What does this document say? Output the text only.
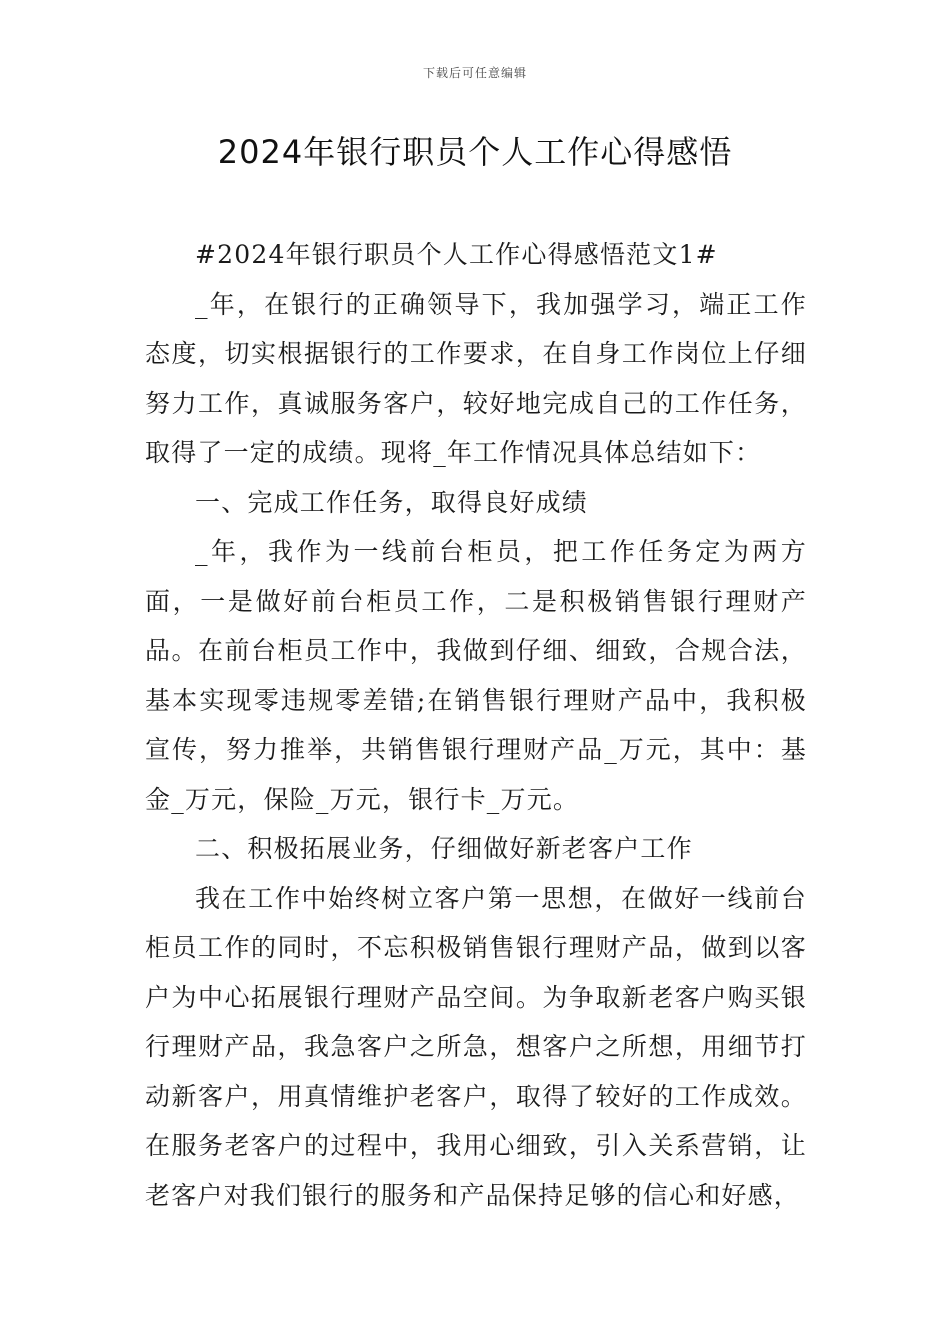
下载后可任意编辑
2024年银行职员个人工作心得感悟

#2024年银行职员个人工作心得感悟范文1#

_年，在银行的正确领导下，我加强学习，端正工作态度，切实根据银行的工作要求，在自身工作岗位上仔细努力工作，真诚服务客户，较好地完成自己的工作任务，取得了一定的成绩。现将_年工作情况具体总结如下：

一、完成工作任务，取得良好成绩

_年，我作为一线前台柜员，把工作任务定为两方面，一是做好前台柜员工作，二是积极销售银行理财产品。在前台柜员工作中，我做到仔细、细致，合规合法，基本实现零违规零差错;在销售银行理财产品中，我积极宣传，努力推举，共销售银行理财产品_万元，其中：基金_万元，保险_万元，银行卡_万元。

二、积极拓展业务，仔细做好新老客户工作

我在工作中始终树立客户第一思想，在做好一线前台柜员工作的同时，不忘积极销售银行理财产品，做到以客户为中心拓展银行理财产品空间。为争取新老客户购买银行理财产品，我急客户之所急，想客户之所想，用细节打动新客户，用真情维护老客户，取得了较好的工作成效。在服务老客户的过程中，我用心细致，引入关系营销，让老客户对我们银行的服务和产品保持足够的信心和好感，
